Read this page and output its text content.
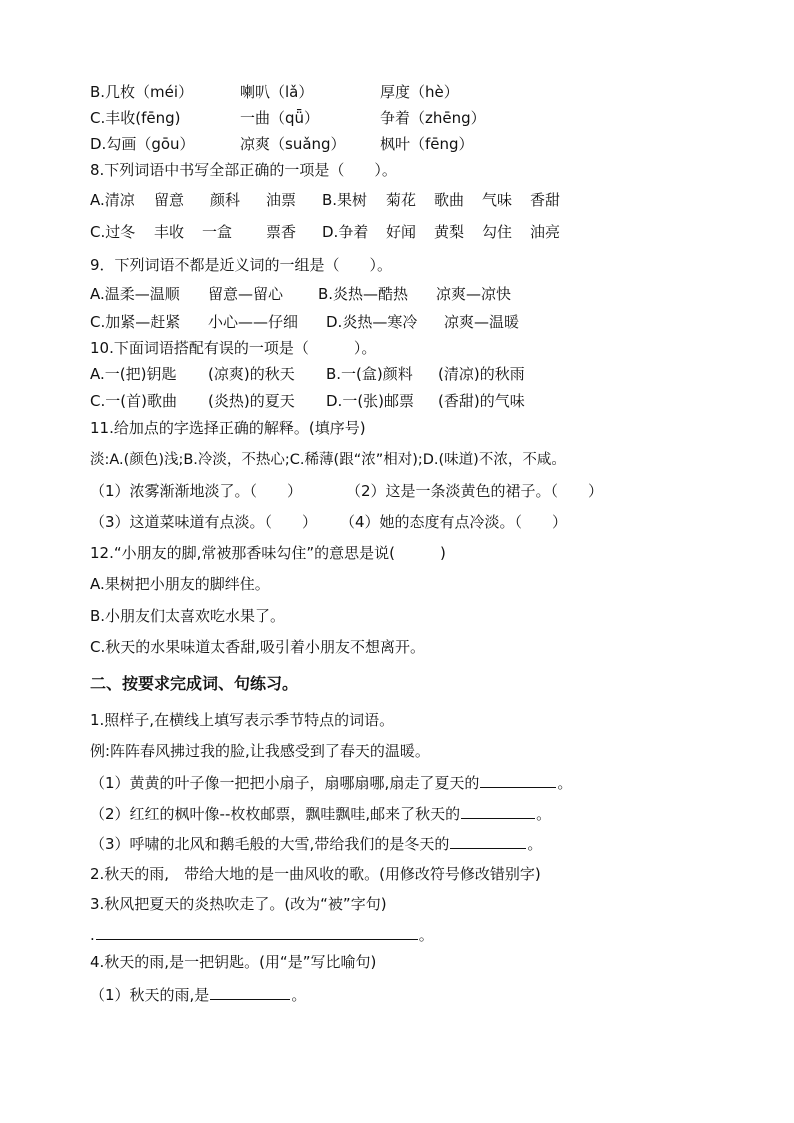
B.几枚（méi）	喇叭（lǎ）	厚度（hè）
C.丰收(fēng)	一曲（qǖ）	争着（zhēng）
D.勾画（gōu）	凉爽（suǎng） 枫叶（fēng）
8.下列词语中书写全部正确的一项是（　　）。
A.清凉 留意 颜科 油票 B.果树 菊花 歌曲 气味 香甜
C.过冬 丰收 一盒 票香 D.争着 好闻 黄梨 勾住 油亮
9．下列词语不都是近义词的一组是（　　）。
A.温柔—温顺 留意—留心 B.炎热—酷热 凉爽—凉快
C.加紧—赶紧 小心——仔细 D.炎热—寒冷 凉爽—温暖
10.下面词语搭配有误的一项是（　　　）。
A.一(把)钥匙 (凉爽)的秋天 B.一(盒)颜料 (清凉)的秋雨
C.一(首)歌曲 (炎热)的夏天 D.一(张)邮票 (香甜)的气味
11.给加点的字选择正确的解释。(填序号)
淡:A.(颜色)浅;B.冷淡，不热心;C.稀薄(跟“浓”相对);D.(味道)不浓，不咸。
（1）浓雾渐渐地淡了。（　　）	（2）这是一条淡黄色的裙子。（　　）
（3）这道菜味道有点淡。（　　） （4）她的态度有点冷淡。（　　）
12.“小朋友的脚,常被那香味勾住”的意思是说(　　　)
A.果树把小朋友的脚绊住。
B.小朋友们太喜欢吃水果了。
C.秋天的水果味道太香甜,吸引着小朋友不想离开。
二、按要求完成词、句练习。
1.照样子,在横线上填写表示季节特点的词语。
例:阵阵春风拂过我的脸,让我感受到了春天的温暖。
（1）黄黄的叶子像一把把小扇子，扇哪扇哪,扇走了夏天的	。
（2）红红的枫叶像--枚枚邮票，飘哇飘哇,邮来了秋天的	。
（3）呼啸的北风和鹅毛般的大雪,带给我们的是冬天的	。
2.秋天的雨,　带给大地的是一曲风收的歌。(用修改符号修改错别字)
3.秋风把夏天的炎热吹走了。(改为“被”字句)
.	。
4.秋天的雨,是一把钥匙。(用“是”写比喻句)
（1）秋天的雨,是	。
